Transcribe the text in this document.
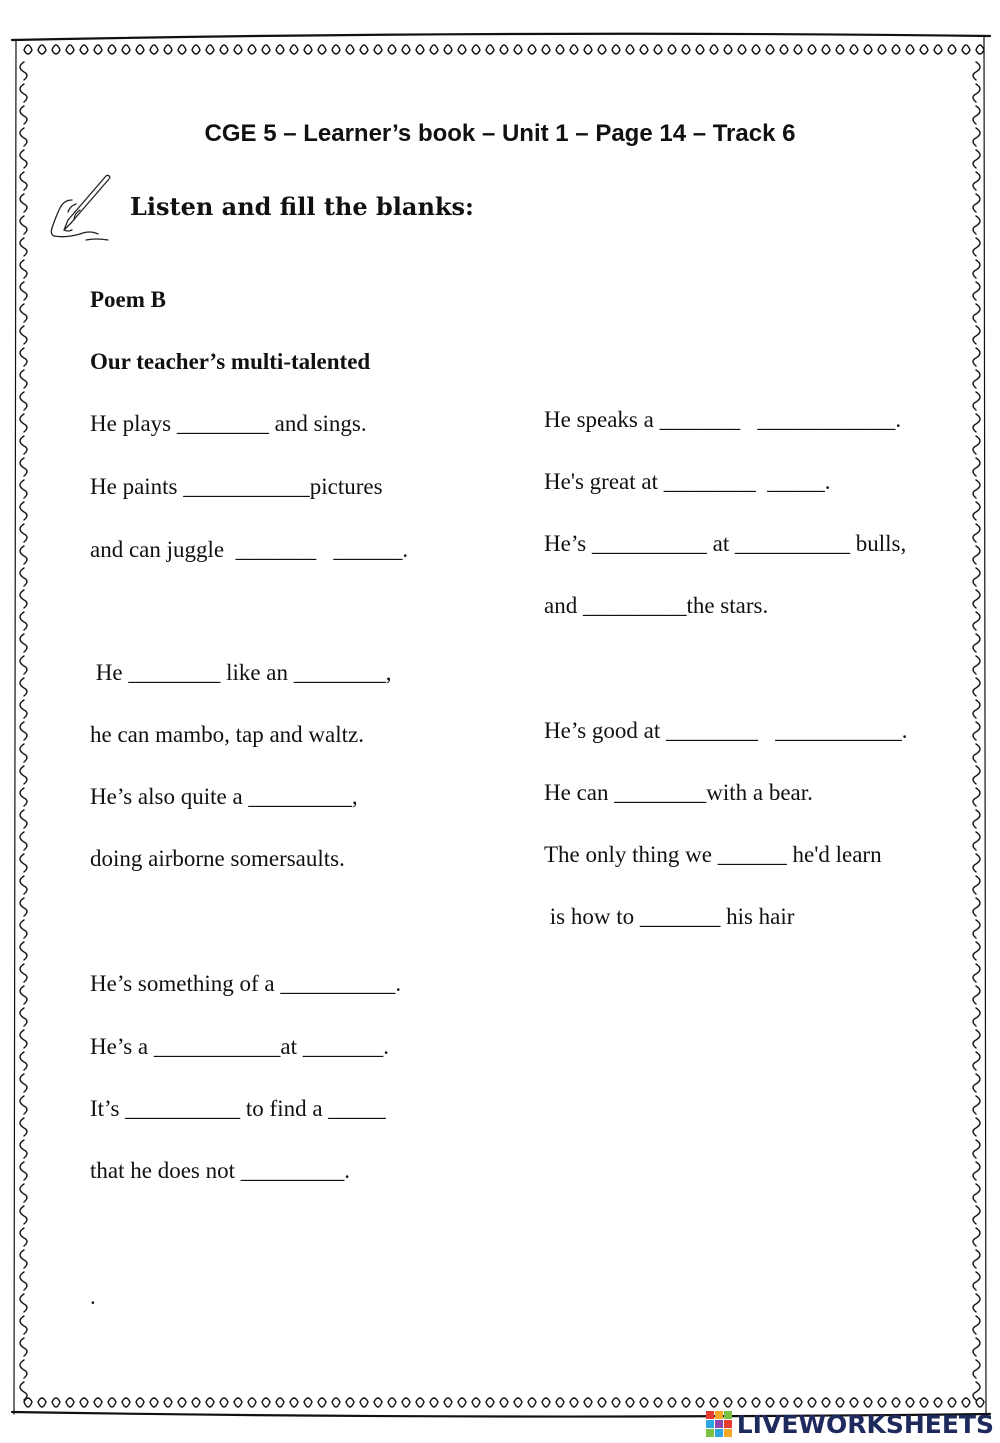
CGE 5 – Learner’s book – Unit 1 – Page 14 – Track 6
Listen and fill the blanks:
Poem B
Our teacher’s multi-talented
He plays ________ and sings.
He paints ___________pictures
and can juggle  _______   ______.
He ________ like an ________,
he can mambo, tap and waltz.
He’s also quite a _________,
doing airborne somersaults.
He’s something of a __________.
He’s a ___________at _______.
It’s __________ to find a _____
that he does not _________.
.
He speaks a _______   ____________.
He's great at ________  _____.
He’s __________ at __________ bulls,
and _________the stars.
He’s good at ________   ___________.
He can ________with a bear.
The only thing we ______ he'd learn
is how to _______ his hair
LIVEWORKSHEETS
